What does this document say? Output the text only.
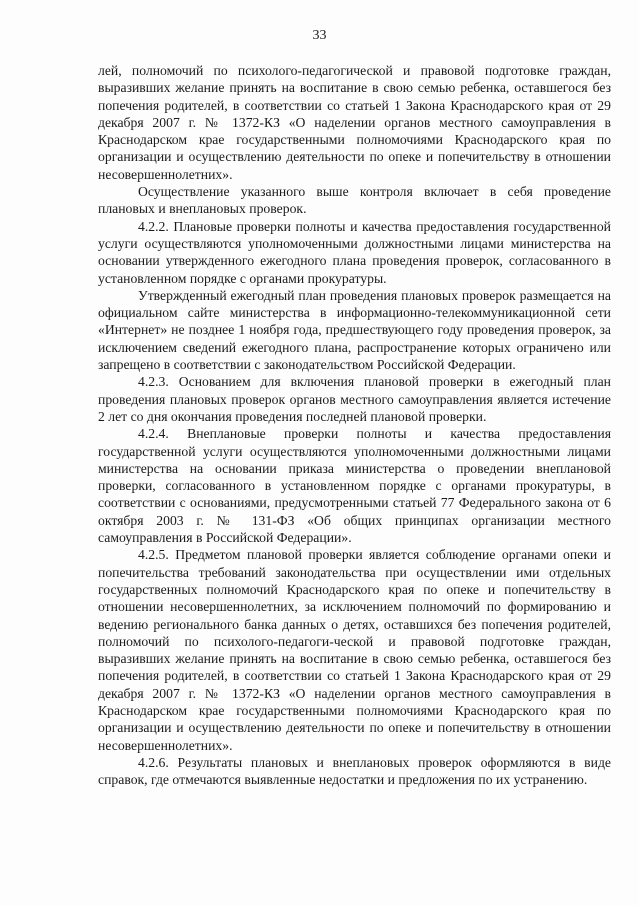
33

лей, полномочий по психолого-педагогической и правовой подготовке граждан, выразивших желание принять на воспитание в свою семью ребенка, оставшегося без попечения родителей, в соответствии со статьей 1 Закона Краснодарского края от 29 декабря 2007 г. № 1372-КЗ «О наделении органов местного самоуправления в Краснодарском крае государственными полномочиями Краснодарского края по организации и осуществлению деятельности по опеке и попечительству в отношении несовершеннолетних».

Осуществление указанного выше контроля включает в себя проведение плановых и внеплановых проверок.

4.2.2. Плановые проверки полноты и качества предоставления государственной услуги осуществляются уполномоченными должностными лицами министерства на основании утвержденного ежегодного плана проведения проверок, согласованного в установленном порядке с органами прокуратуры.

Утвержденный ежегодный план проведения плановых проверок размещается на официальном сайте министерства в информационно-телекоммуникационной сети «Интернет» не позднее 1 ноября года, предшествующего году проведения проверок, за исключением сведений ежегодного плана, распространение которых ограничено или запрещено в соответствии с законодательством Российской Федерации.

4.2.3. Основанием для включения плановой проверки в ежегодный план проведения плановых проверок органов местного самоуправления является истечение 2 лет со дня окончания проведения последней плановой проверки.

4.2.4. Внеплановые проверки полноты и качества предоставления государственной услуги осуществляются уполномоченными должностными лицами министерства на основании приказа министерства о проведении внеплановой проверки, согласованного в установленном порядке с органами прокуратуры, в соответствии с основаниями, предусмотренными статьей 77 Федерального закона от 6 октября 2003 г. № 131-ФЗ «Об общих принципах организации местного самоуправления в Российской Федерации».

4.2.5. Предметом плановой проверки является соблюдение органами опеки и попечительства требований законодательства при осуществлении ими отдельных государственных полномочий Краснодарского края по опеке и попечительству в отношении несовершеннолетних, за исключением полномочий по формированию и ведению регионального банка данных о детях, оставшихся без попечения родителей, полномочий по психолого-педагоги-ческой и правовой подготовке граждан, выразивших желание принять на воспитание в свою семью ребенка, оставшегося без попечения родителей, в соответствии со статьей 1 Закона Краснодарского края от 29 декабря 2007 г. № 1372-КЗ «О наделении органов местного самоуправления в Краснодарском крае государственными полномочиями Краснодарского края по организации и осуществлению деятельности по опеке и попечительству в отношении несовершеннолетних».

4.2.6. Результаты плановых и внеплановых проверок оформляются в виде справок, где отмечаются выявленные недостатки и предложения по их устранению.
